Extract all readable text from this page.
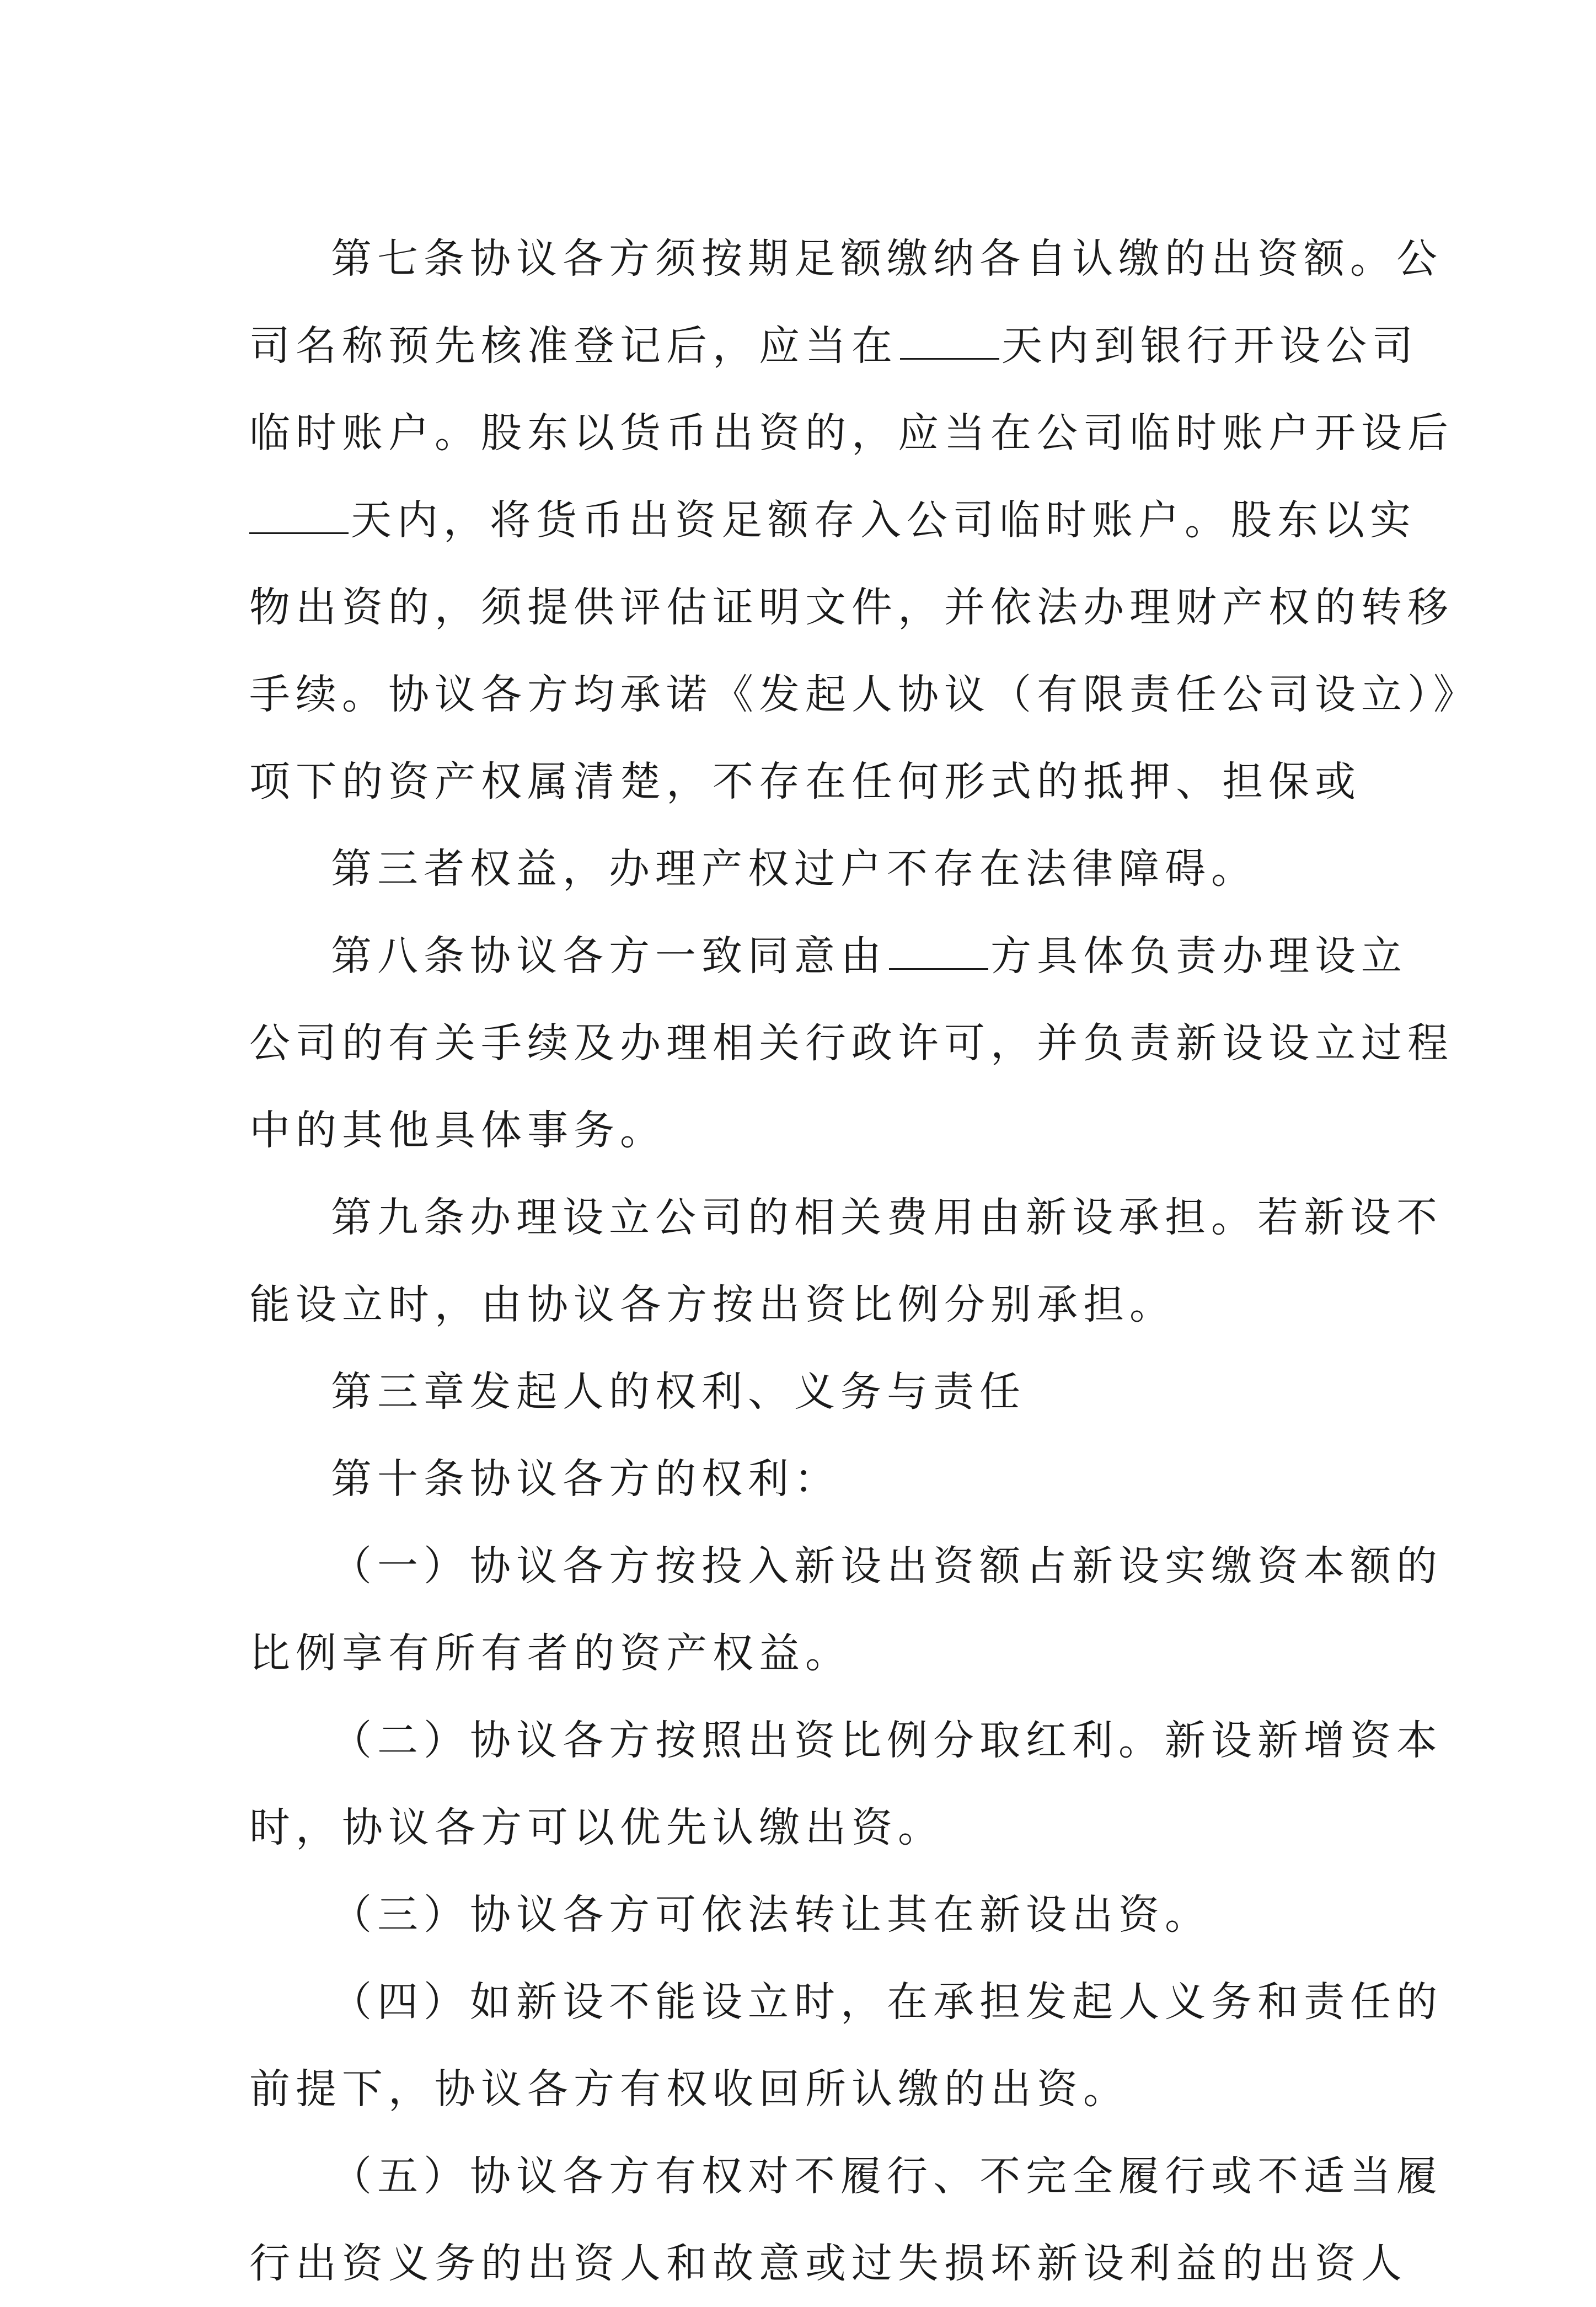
第七条协议各方须按期足额缴纳各自认缴的出资额。公

司名称预先核准登记后，应当在	天内到银行开设公司

临时账户。股东以货币出资的，应当在公司临时账户开设后

天内，将货币出资足额存入公司临时账户。股东以实

物出资的，须提供评估证明文件，并依法办理财产权的转移

手续。协议各方均承诺《发起人协议（有限责任公司设立）》

项下的资产权属清楚，不存在任何形式的抵押、担保或

第三者权益，办理产权过户不存在法律障碍。

第八条协议各方一致同意由	方具体负责办理设立

公司的有关手续及办理相关行政许可，并负责新设设立过程

中的其他具体事务。

第九条办理设立公司的相关费用由新设承担。若新设不

能设立时，由协议各方按出资比例分别承担。

第三章发起人的权利、义务与责任

第十条协议各方的权利：

（一）协议各方按投入新设出资额占新设实缴资本额的

比例享有所有者的资产权益。

（二）协议各方按照出资比例分取红利。新设新增资本

时，协议各方可以优先认缴出资。

（三）协议各方可依法转让其在新设出资。

（四）如新设不能设立时，在承担发起人义务和责任的

前提下，协议各方有权收回所认缴的出资。

（五）协议各方有权对不履行、不完全履行或不适当履

行出资义务的出资人和故意或过失损坏新设利益的出资人
